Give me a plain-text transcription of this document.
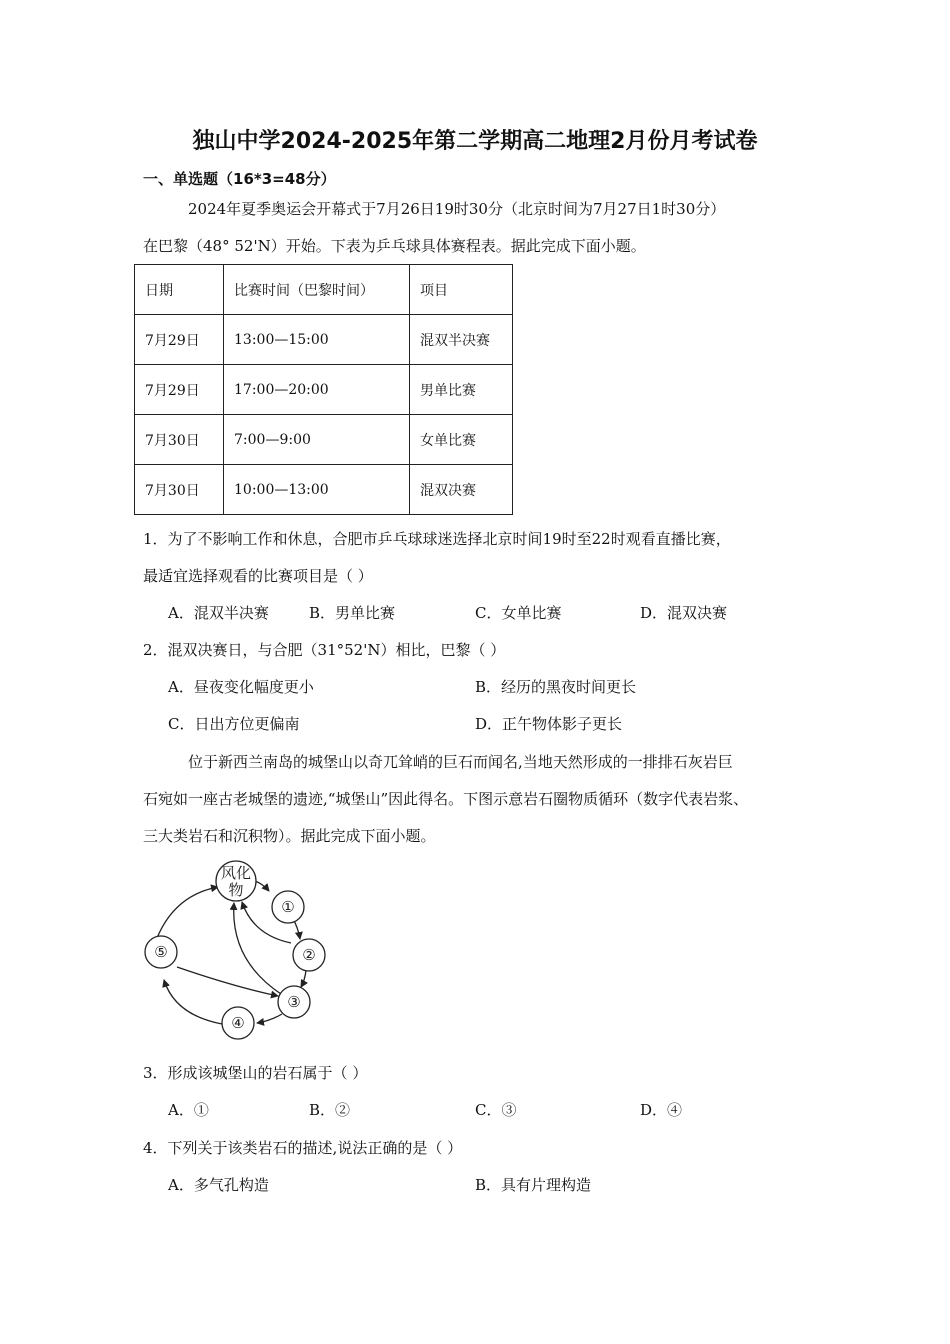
独山中学2024-2025年第二学期高二地理2月份月考试卷
一、单选题（16*3=48分）
2024年夏季奥运会开幕式于7月26日19时30分（北京时间为7月27日1时30分）
在巴黎（48° 52'N）开始。下表为乒乓球具体赛程表。据此完成下面小题。
日期	比赛时间（巴黎时间）	项目
7月29日	13:00—15:00	混双半决赛
7月29日	17:00—20:00	男单比赛
7月30日	7:00—9:00	女单比赛
7月30日	10:00—13:00	混双决赛
1．为了不影响工作和休息，合肥市乒乓球球迷选择北京时间19时至22时观看直播比赛，
最适宜选择观看的比赛项目是（ ）
A．混双半决赛	B．男单比赛	C．女单比赛	D．混双决赛
2．混双决赛日，与合肥（31°52'N）相比，巴黎（ ）
A．昼夜变化幅度更小	B．经历的黑夜时间更长
C．日出方位更偏南	D．正午物体影子更长
位于新西兰南岛的城堡山以奇兀耸峭的巨石而闻名,当地天然形成的一排排石灰岩巨
石宛如一座古老城堡的遗迹,“城堡山”因此得名。下图示意岩石圈物质循环（数字代表岩浆、
三大类岩石和沉积物）。据此完成下面小题。
风化
物
①
②
③
④
⑤
3．形成该城堡山的岩石属于（ ）
A．①	B．②	C．③	D．④
4．下列关于该类岩石的描述,说法正确的是（ ）
A．多气孔构造	B．具有片理构造
